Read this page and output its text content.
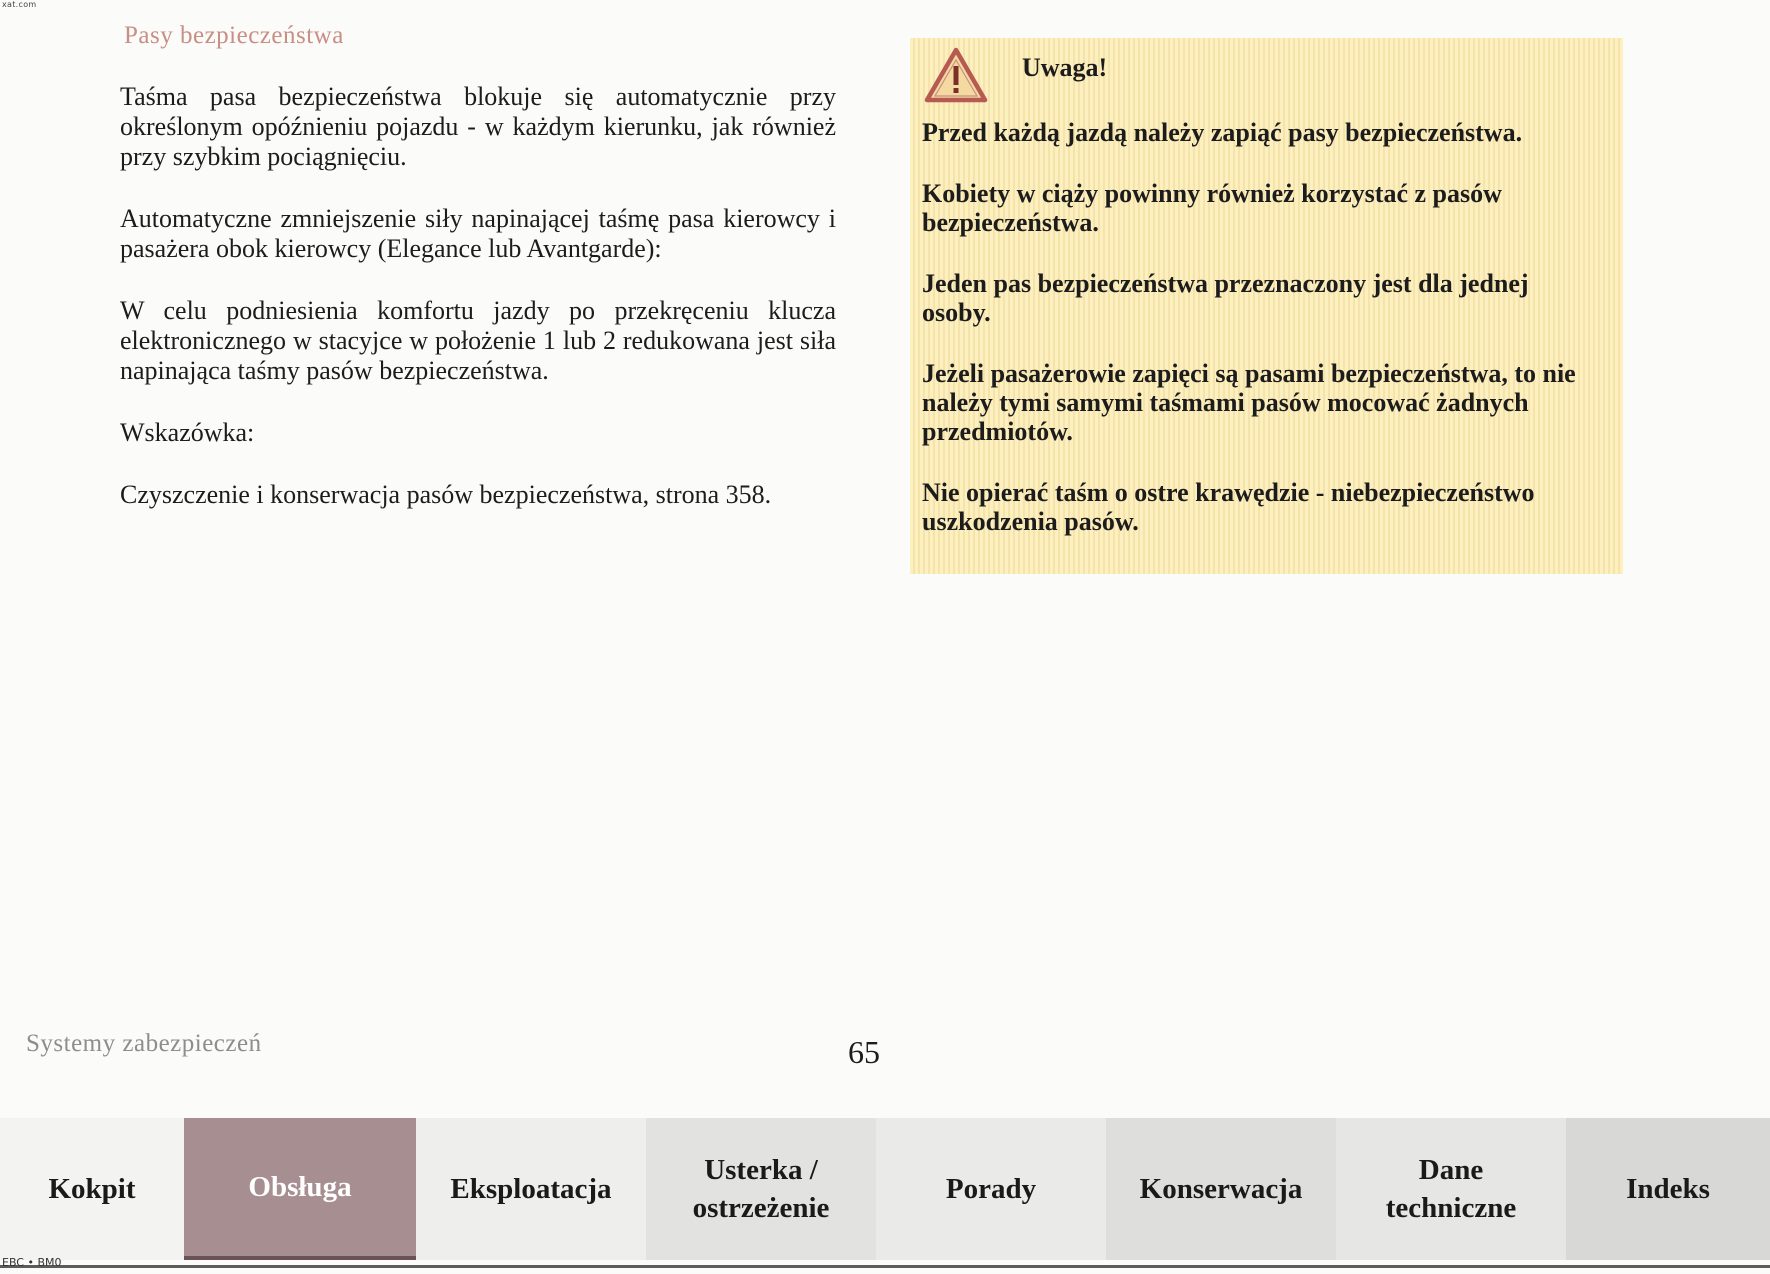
xat.com
Pasy bezpieczeństwa

Taśma pasa bezpieczeństwa blokuje się automatycznie przy określonym opóźnieniu pojazdu - w każdym kierunku, jak również przy szybkim pociągnięciu.

Automatyczne zmniejszenie siły napinającej taśmę pasa kierowcy i pasażera obok kierowcy (Elegance lub Avantgarde):

W celu podniesienia komfortu jazdy po przekręceniu klucza elektronicznego w stacyjce w położenie 1 lub 2 redukowana jest siła napinająca taśmy pasów bezpieczeństwa.

Wskazówka:

Czyszczenie i konserwacja pasów bezpieczeństwa, strona 358.

Uwaga!

Przed każdą jazdą należy zapiąć pasy bezpieczeństwa.

Kobiety w ciąży powinny również korzystać z pasów bezpieczeństwa.

Jeden pas bezpieczeństwa przeznaczony jest dla jednej osoby.

Jeżeli pasażerowie zapięci są pasami bezpieczeństwa, to nie należy tymi samymi taśmami pasów mocować żadnych przedmiotów.

Nie opierać taśm o ostre krawędzie - niebezpieczeństwo uszkodzenia pasów.

Systemy zabezpieczeń	65
Kokpit	Obsługa	Eksploatacja
Usterka /
ostrzeżenie
Porady	Konserwacja
Dane
techniczne
Indeks
EBC • BM0
